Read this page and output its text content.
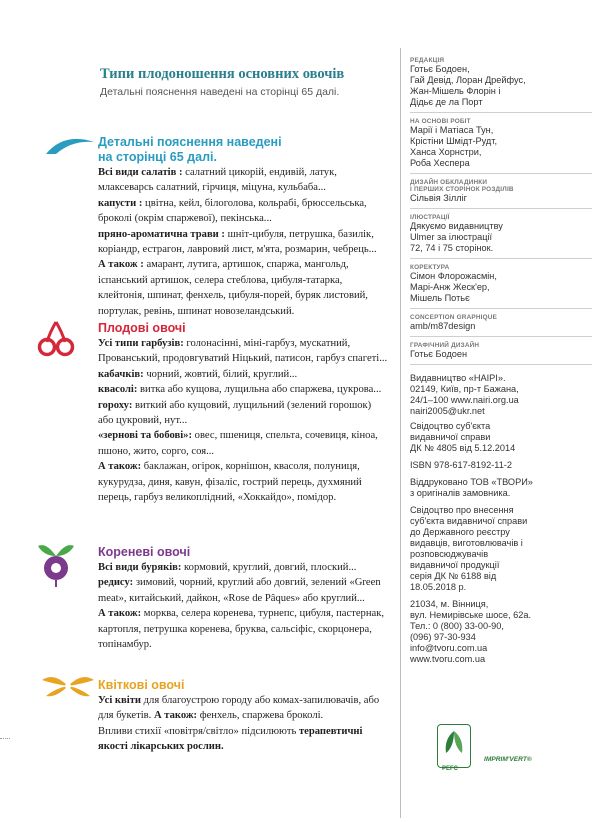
Типи плодоношення основних овочів
Детальні пояснення наведені на сторінці 65 далі.
Детальні пояснення наведені
на сторінці 65 далі.

Всі види салатів : салатний цикорій, ендивій, латук, млаксеварсь салатний, гірчиця, міцуна, кульбаба...

капусти : цвітна, кейл, білоголова, кольрабі, брюссельська, броколі (окрім спаржевої), пекінська...

пряно-ароматична трави : шніт-цибуля, петрушка, базилік, коріандр, естрагон, лавровий лист, м'ята, розмарин, чебрець...

А також : амарант, лутига, артишок, спаржа, мангольд, іспанський артишок, селера стеблова, цибуля-татарка, клейтонія, шпинат, фенхель, цибуля-порей, буряк листовий, портулак, ревінь, шпинат новозеландський.

Плодові овочі

Усі типи гарбузів: голонасінні, міні-гарбуз, мускатний, Прованський, продовгуватий Ніцький, патисон, гарбуз спагеті...

кабачків: чорний, жовтий, білий, круглий...

квасолі: витка або кущова, лущильна або спаржева, цукрова...

гороху: виткий або кущовий, лущильний (зелений горошок) або цукровий, нут...

«зернові та бобові»: овес, пшениця, спельта, сочевиця, кіноа, пшоно, жито, сорго, соя...

А також: баклажан, огірок, корнішон, квасоля, полуниця, кукурудза, диня, кавун, фізаліс, гострий перець, духмяний перець, гарбуз великоплідний, «Хоккайдо», помідор.

Кореневі овочі

Всі види буряків: кормовий, круглий, довгий, плоский...

редису: зимовий, чорний, круглий або довгий, зелений «Green meat», китайський, дайкон, «Rose de Pâques» або круглий...

А також: морква, селера коренева, турнепс, цибуля, пастернак, картопля, петрушка коренева, бруква, сальсіфіс, скорцонера, топінамбур.

Квіткові овочі

Усі квіти для благоустрою городу або комах-запилювачів, або для букетів. А також: фенхель, спаржева броколі.

Впливи стихії «повітря/світло» підсилюють терапевтичні якості лікарських рослин.

РЕДАКЦІЯ
Готьє Бодоен,
Гай Девід, Лоран Дрейфус,
Жан-Мішель Флорін і
Дідьє де ла Порт
НА ОСНОВІ РОБІТ
Марії і Матіаса Тун,
Крістіни Шмідт-Рудт,
Ханса Хорнстри,
Роба Хеспера
ДИЗАЙН ОБКЛАДИНКИ
І ПЕРШИХ СТОРІНОК РОЗДІЛІВ
Сільвія Зілліг
ІЛЮСТРАЦІЇ
Дякуємо видавництву
Ulmer за ілюстрації
72, 74 і 75 сторінок.
КОРЕКТУРА
Сімон Флорожасмін,
Марі-Анж Жеск'ер,
Мішель Потьє
CONCEPTION GRAPHIQUE
amb/m87design
ГРАФІЧНИЙ ДИЗАЙН
Готьє Бодоен
Видавництво «НАІРІ».
02149, Київ, пр-т Бажана,
24/1–100 www.nairi.org.ua
nairi2005@ukr.net
Свідоцтво суб'єкта
видавничої справи
ДК № 4805 від 5.12.2014
ISBN 978-617-8192-11-2
Віддруковано ТОВ «ТВОРИ»
з оригіналів замовника.
Свідоцтво про внесення
суб'єкта видавничої справи
до Державного реєстру
видавців, виготовлювачів і
розповсюджувачів
видавничої продукції
серія ДК № 6188 від
18.05.2018 р.
21034, м. Вінниця,
вул. Немирівське шосе, 62а.
Тел.: 0 (800) 33-00-90,
(096) 97-30-934
info@tvoru.com.ua
www.tvoru.com.ua
PEFC
IMPRIM'VERT®
